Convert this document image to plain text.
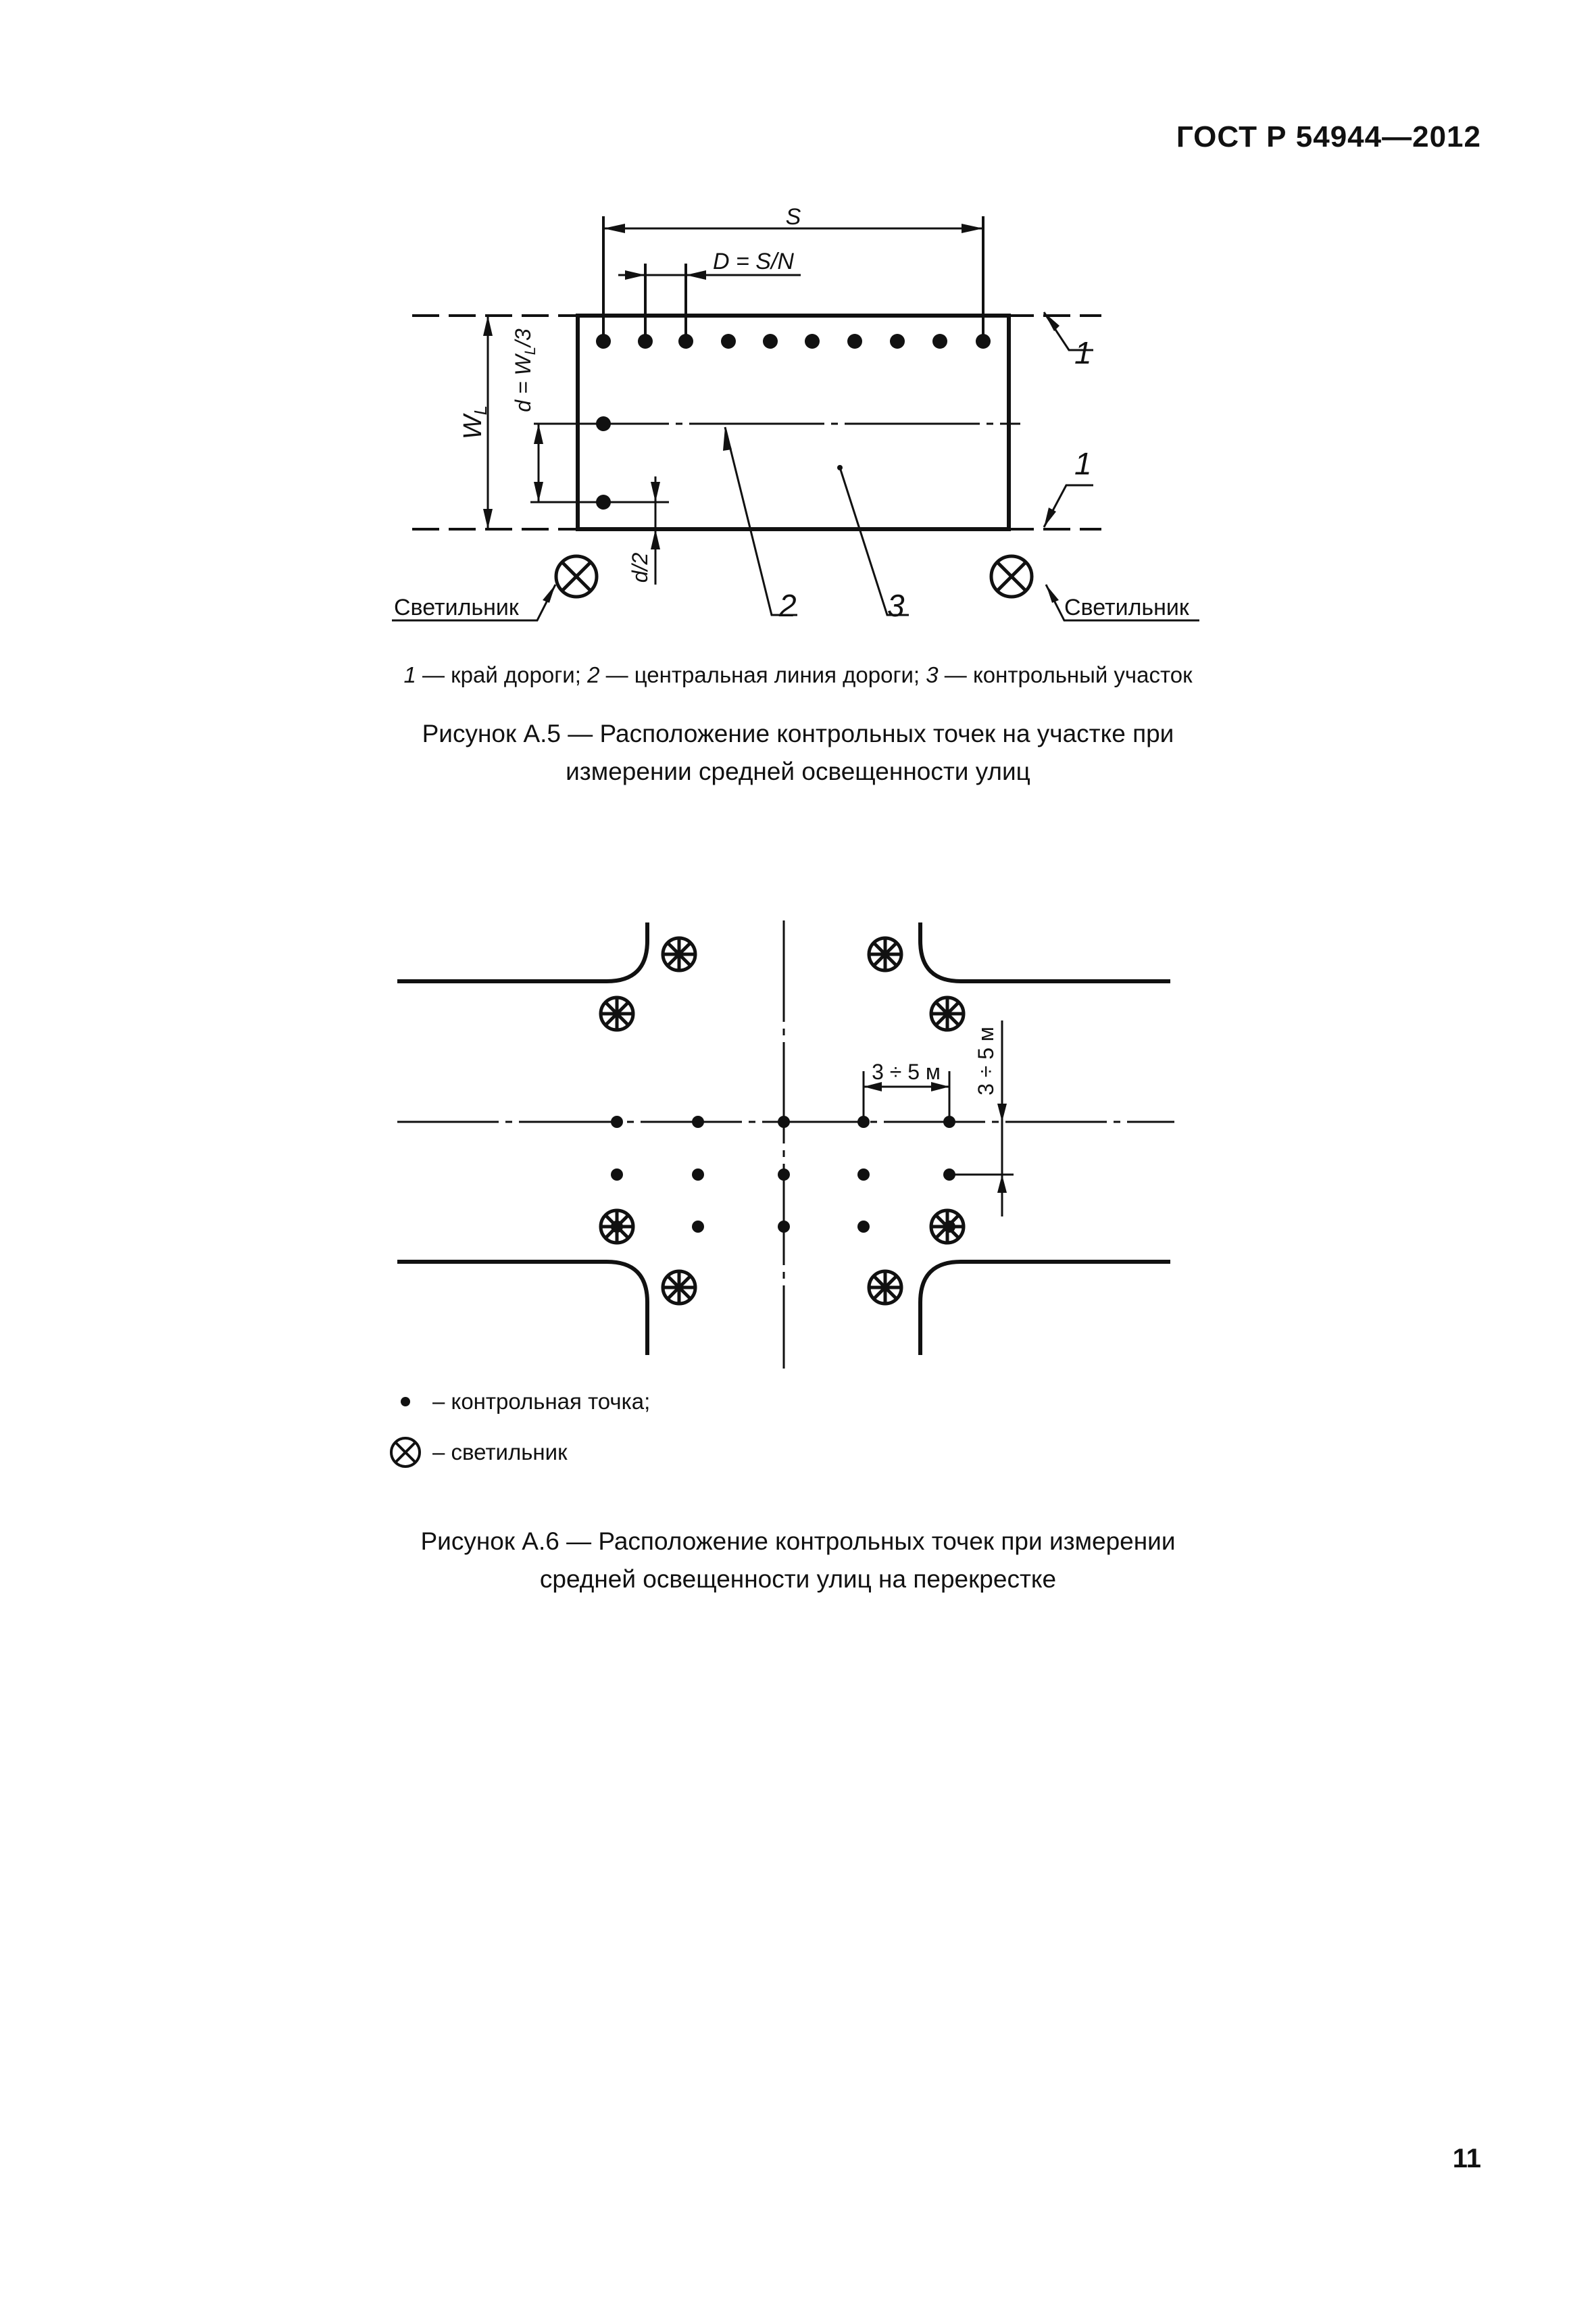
ГОСТ Р 54944—2012
S
D = S/N
$W_L$ $d = W_L/3$
d/2
1
1
2	3
Светильник	Светильник
1 — край дороги; 2 — центральная линия дороги; 3 — контрольный участок
Рисунок А.5 — Расположение контрольных точек на участке при
измерении средней освещенности улиц
3 ÷ 5 м 3 ÷ 5 м
– контрольная точка;
– светильник
Рисунок А.6 — Расположение контрольных точек при измерении
средней освещенности улиц на перекрестке
11
